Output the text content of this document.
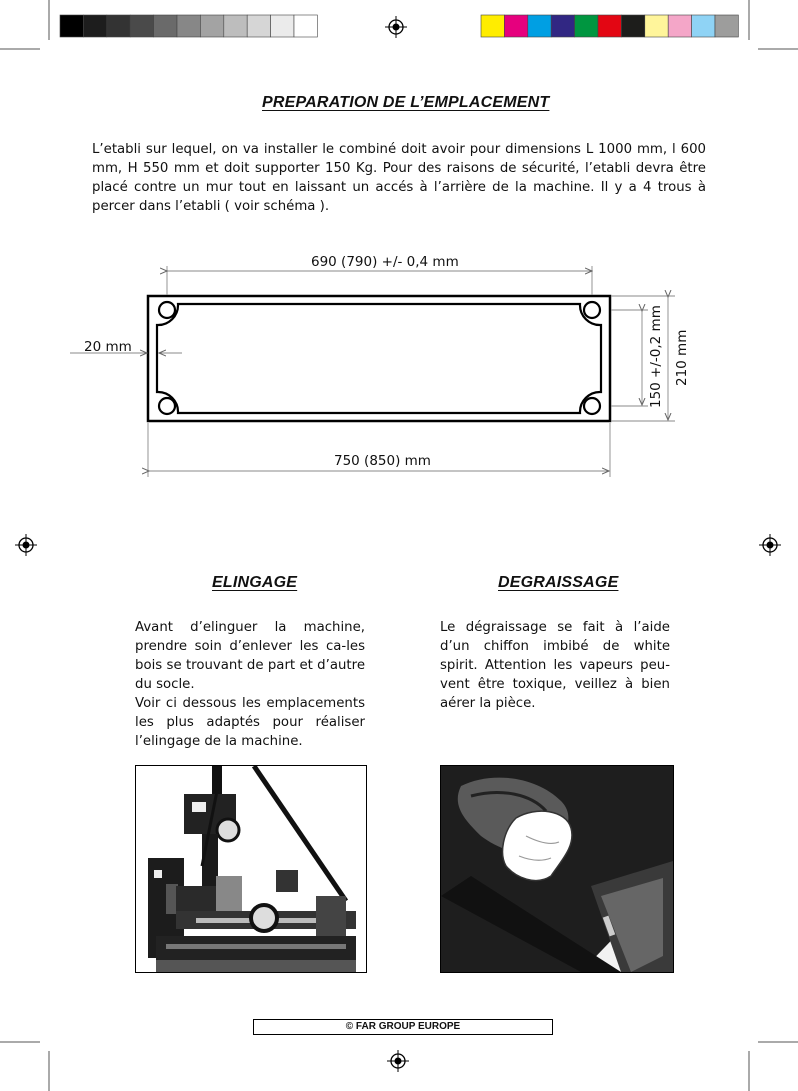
PREPARATION DE L’EMPLACEMENT
L’etabli sur lequel, on va installer le combiné doit avoir pour dimensions L 1000 mm, l 600 mm, H 550 mm et doit supporter 150 Kg. Pour des raisons de sécurité, l’etabli devra être placé contre un mur tout en laissant un accés à l’arrière de la machine. Il y a 4 trous à percer dans l’etabli ( voir schéma ).
690 (790) +/- 0,4 mm
750 (850) mm
20 mm	150 +/-0,2 mm 210 mm
ELINGAGE

Avant d’elinguer la machine, prendre soin d’enlever les ca-les bois se trouvant de part et d’autre du socle.

Voir ci dessous les emplacements les plus adaptés pour réaliser l’elingage de la machine.

DEGRAISSAGE
Le dégraissage se fait à l’aide d’un chiffon imbibé de white spirit. Attention les vapeurs peu-vent être toxique, veillez à bien aérer la pièce.
© FAR GROUP EUROPE
